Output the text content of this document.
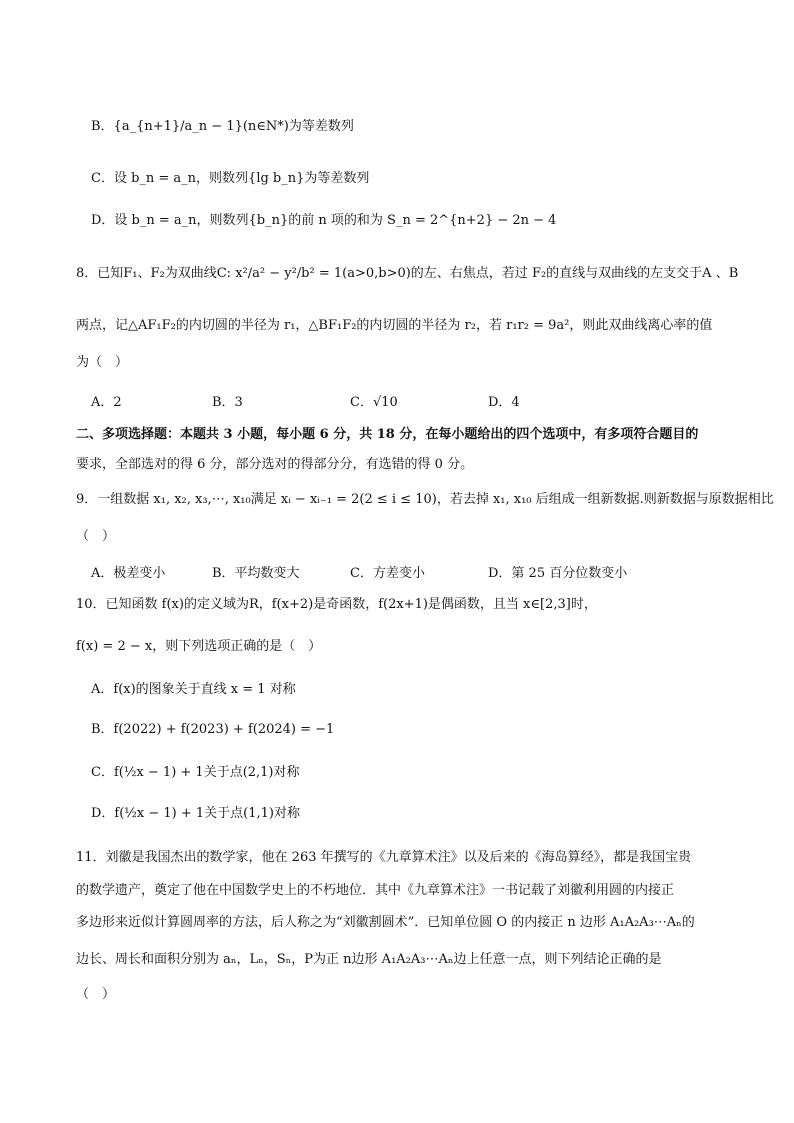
B．{a_{n+1}/a_n − 1}(n∈N*)为等差数列
C．设 b_n = a_n，则数列{lg b_n}为等差数列
D．设 b_n = a_n，则数列{b_n}的前 n 项的和为 S_n = 2^{n+2} − 2n − 4
8．已知F₁、F₂为双曲线C: x²/a² − y²/b² = 1(a>0,b>0)的左、右焦点，若过 F₂的直线与双曲线的左支交于A 、B
两点，记△AF₁F₂的内切圆的半径为 r₁，△BF₁F₂的内切圆的半径为 r₂，若 r₁r₂ = 9a²，则此双曲线离心率的值
为（　）
A．2	B．3	C．√10	D．4
二、多项选择题：本题共 3 小题，每小题 6 分，共 18 分，在每小题给出的四个选项中，有多项符合题目的
要求，全部选对的得 6 分，部分选对的得部分分，有选错的得 0 分。
9．一组数据 x₁, x₂, x₃,⋯, x₁₀满足 xᵢ − xᵢ₋₁ = 2(2 ≤ i ≤ 10)，若去掉 x₁, x₁₀ 后组成一组新数据.则新数据与原数据相比
（　）
A．极差变小	B．平均数变大	C．方差变小	D．第 25 百分位数变小
10．已知函数 f(x)的定义域为R，f(x+2)是奇函数，f(2x+1)是偶函数，且当 x∈[2,3]时，
f(x) = 2 − x，则下列选项正确的是（　）
A．f(x)的图象关于直线 x = 1 对称
B．f(2022) + f(2023) + f(2024) = −1
C．f(½x − 1) + 1关于点(2,1)对称
D．f(½x − 1) + 1关于点(1,1)对称
11．刘徽是我国杰出的数学家，他在 263 年撰写的《九章算术注》以及后来的《海岛算经》，都是我国宝贵
的数学遗产，奠定了他在中国数学史上的不朽地位．其中《九章算术注》一书记载了刘徽利用圆的内接正
多边形来近似计算圆周率的方法，后人称之为“刘徽割圆术”．已知单位圆 O 的内接正 n 边形 A₁A₂A₃⋯Aₙ的
边长、周长和面积分别为 aₙ，Lₙ，Sₙ，P为正 n边形 A₁A₂A₃⋯Aₙ边上任意一点，则下列结论正确的是
（　）
